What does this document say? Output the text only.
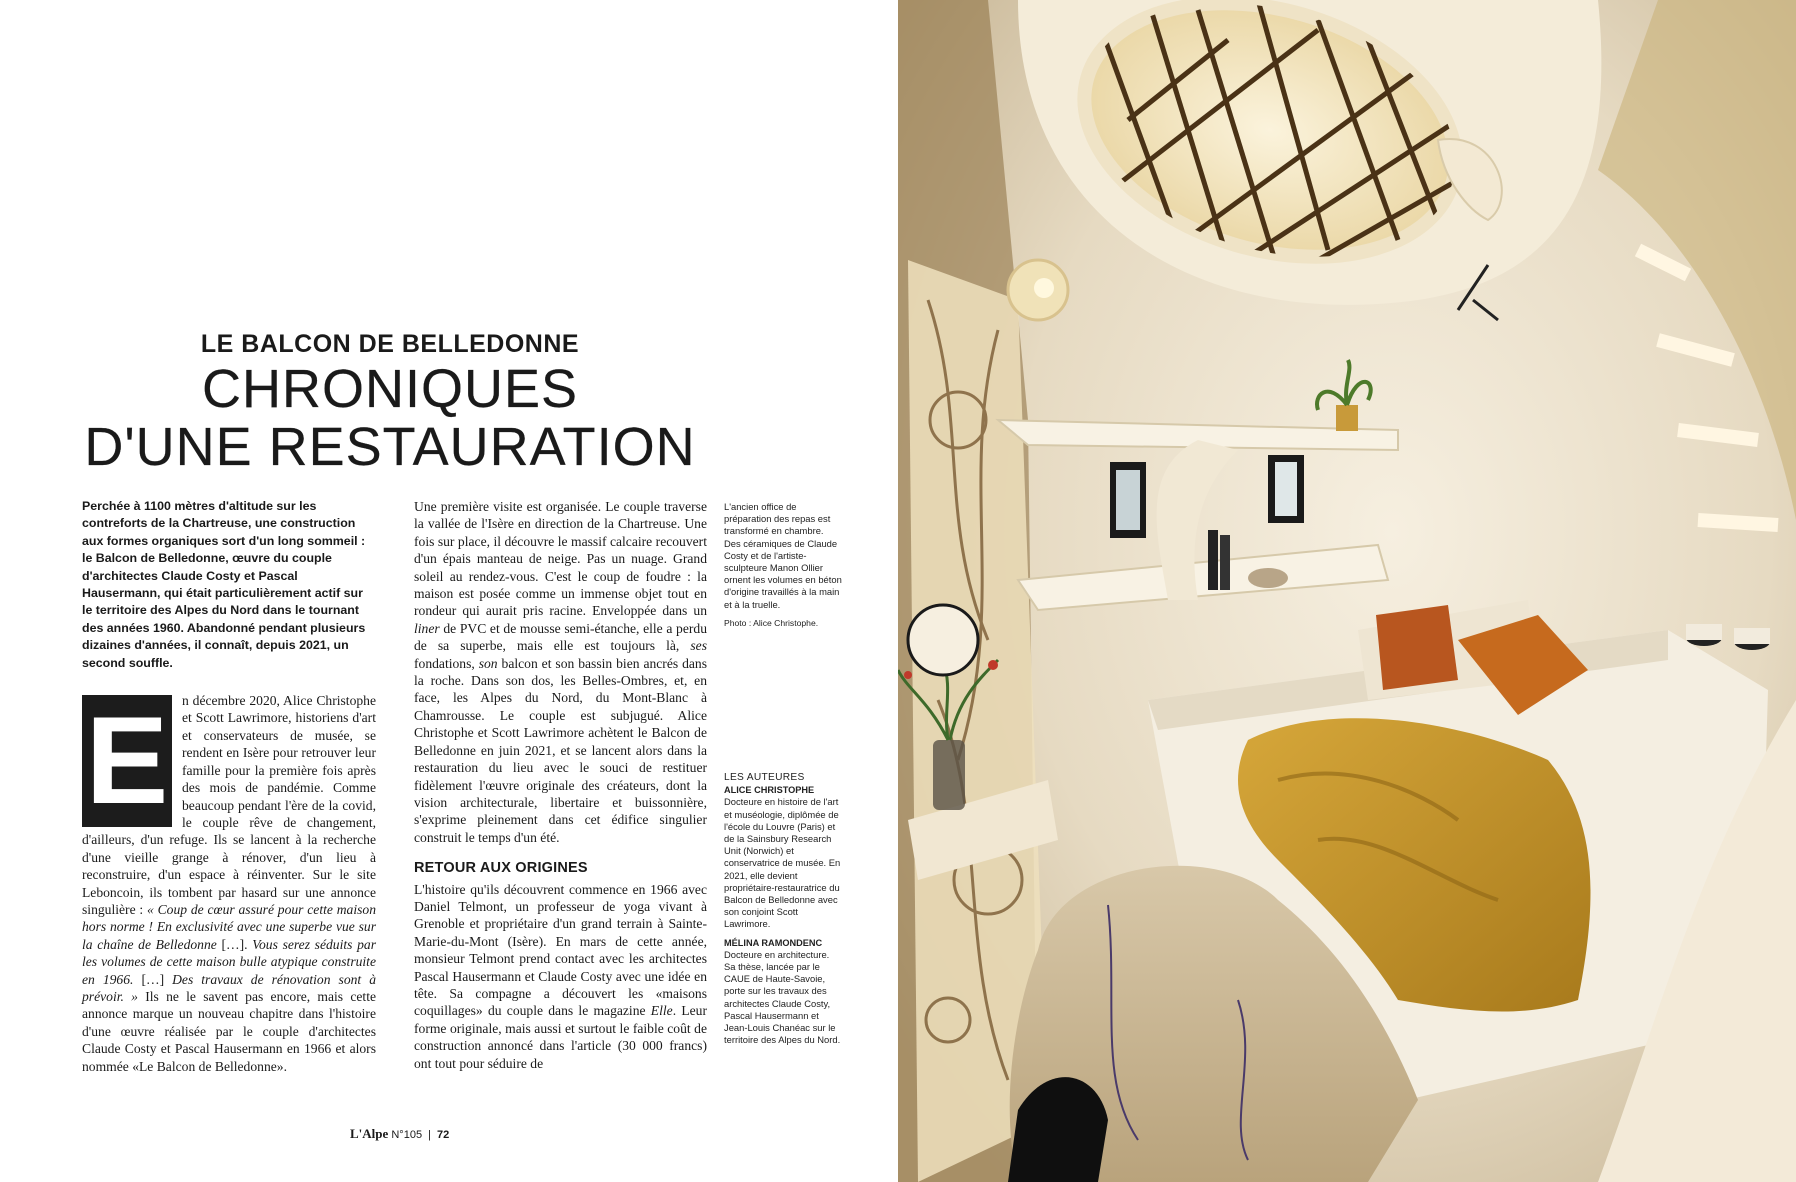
LE BALCON DE BELLEDONNE
CHRONIQUES
D'UNE RESTAURATION

Perchée à 1100 mètres d'altitude sur les contreforts de la Chartreuse, une construction aux formes organiques sort d'un long sommeil : le Balcon de Belledonne, œuvre du couple d'architectes Claude Costy et Pascal Hausermann, qui était particulièrement actif sur le territoire des Alpes du Nord dans le tournant des années 1960. Abandonné pendant plusieurs dizaines d'années, il connaît, depuis 2021, un second souffle.

E	n décembre 2020, Alice Christophe et Scott Lawrimore, historiens d'art et conservateurs de musée, se rendent en Isère pour retrouver leur famille pour la première fois après des mois de pandémie. Comme beaucoup pendant l'ère de la covid, le couple rêve de changement, d'ailleurs, d'un refuge. Ils se lancent à la recherche d'une vieille grange à rénover, d'un lieu à reconstruire, d'un espace à réinventer. Sur le site Leboncoin, ils tombent par hasard sur une annonce singulière : « Coup de cœur assuré pour cette maison hors norme ! En exclusivité avec une superbe vue sur la chaîne de Belledonne […]. Vous serez séduits par les volumes de cette maison bulle atypique construite en 1966. […] Des travaux de rénovation sont à prévoir. » Ils ne le savent pas encore, mais cette annonce marque un nouveau chapitre dans l'histoire d'une œuvre réalisée par le couple d'architectes Claude Costy et Pascal Hausermann en 1966 et alors nommée «Le Balcon de Belledonne».

Une première visite est organisée. Le couple traverse la vallée de l'Isère en direction de la Chartreuse. Une fois sur place, il découvre le massif calcaire recouvert d'un épais manteau de neige. Pas un nuage. Grand soleil au rendez-vous. C'est le coup de foudre : la maison est posée comme un immense objet tout en rondeur qui aurait pris racine. Enveloppée dans un liner de PVC et de mousse semi-étanche, elle a perdu de sa superbe, mais elle est toujours là, ses fondations, son balcon et son bassin bien ancrés dans la roche. Dans son dos, les Belles-Ombres, et, en face, les Alpes du Nord, du Mont-Blanc à Chamrousse. Le couple est subjugué. Alice Christophe et Scott Lawrimore achètent le Balcon de Belledonne en juin 2021, et se lancent alors dans la restauration du lieu avec le souci de restituer fidèlement l'œuvre originale des créateurs, dont la vision architecturale, libertaire et buissonnière, s'exprime pleinement dans cet édifice singulier construit le temps d'un été.

RETOUR AUX ORIGINES

L'histoire qu'ils découvrent commence en 1966 avec Daniel Telmont, un professeur de yoga vivant à Grenoble et propriétaire d'un grand terrain à Sainte-Marie-du-Mont (Isère). En mars de cette année, monsieur Telmont prend contact avec les architectes Pascal Hausermann et Claude Costy avec une idée en tête. Sa compagne a découvert les «maisons coquillages» du couple dans le magazine Elle. Leur forme originale, mais aussi et surtout le faible coût de construction annoncé dans l'article (30 000 francs) ont tout pour séduire de

L'ancien office de préparation des repas est transformé en chambre. Des céramiques de Claude Costy et de l'artiste-sculpteure Manon Ollier ornent les volumes en béton d'origine travaillés à la main et à la truelle.
Photo : Alice Christophe.
LES AUTEURES
ALICE CHRISTOPHE
Docteure en histoire de l'art et muséologie, diplômée de l'école du Louvre (Paris) et de la Sainsbury Research Unit (Norwich) et conservatrice de musée. En 2021, elle devient propriétaire-restauratrice du Balcon de Belledonne avec son conjoint Scott Lawrimore.
MÉLINA RAMONDENC
Docteure en architecture. Sa thèse, lancée par le CAUE de Haute-Savoie, porte sur les travaux des architectes Claude Costy, Pascal Hausermann et Jean-Louis Chanéac sur le territoire des Alpes du Nord.
L'Alpe N°105 | 72
